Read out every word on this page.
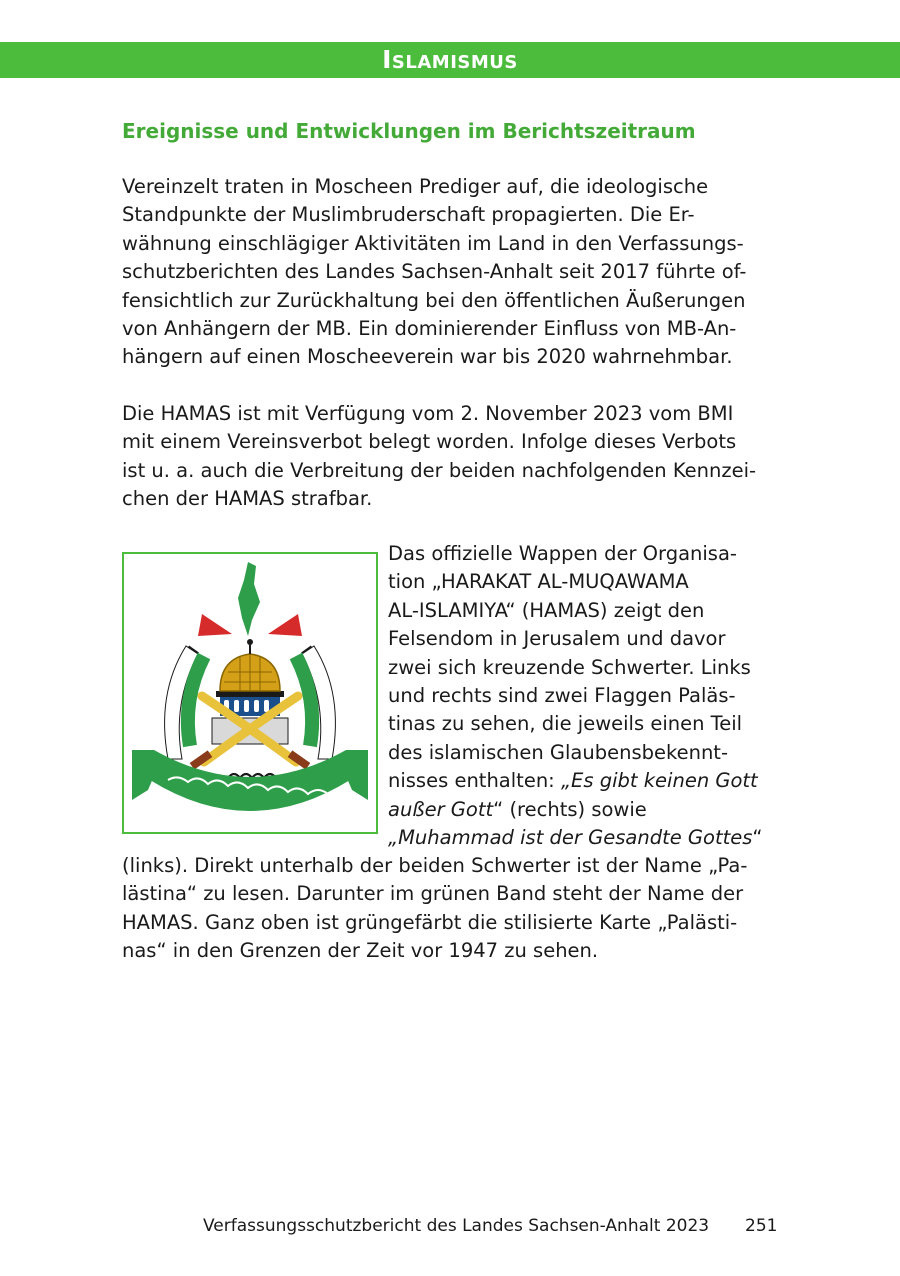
Islamismus
Ereignisse und Entwicklungen im Berichtszeitraum

Vereinzelt traten in Moscheen Prediger auf, die ideologische
Standpunkte der Muslimbruderschaft propagierten. Die Er-
wähnung einschlägiger Aktivitäten im Land in den Verfassungs-
schutzberichten des Landes Sachsen-Anhalt seit 2017 führte of-
fensichtlich zur Zurückhaltung bei den öffentlichen Äußerungen
von Anhängern der MB. Ein dominierender Einfluss von MB-An-
hängern auf einen Moscheeverein war bis 2020 wahrnehmbar.

Die HAMAS ist mit Verfügung vom 2. November 2023 vom BMI
mit einem Vereinsverbot belegt worden. Infolge dieses Verbots
ist u. a. auch die Verbreitung der beiden nachfolgenden Kennzei-
chen der HAMAS strafbar.

Das offizielle Wappen der Organisa-
tion „HARAKAT AL-MUQAWAMA
AL-ISLAMIYA“ (HAMAS) zeigt den
Felsendom in Jerusalem und davor
zwei sich kreuzende Schwerter. Links
und rechts sind zwei Flaggen Paläs-
tinas zu sehen, die jeweils einen Teil
des islamischen Glaubensbekennt-
nisses enthalten: „Es gibt keinen Gott
außer Gott“ (rechts) sowie
„Muhammad ist der Gesandte Gottes“

(links). Direkt unterhalb der beiden Schwerter ist der Name „Pa-
lästina“ zu lesen. Darunter im grünen Band steht der Name der
HAMAS. Ganz oben ist grüngefärbt die stilisierte Karte „Palästi-
nas“ in den Grenzen der Zeit vor 1947 zu sehen.

Verfassungsschutzbericht des Landes Sachsen-Anhalt 2023 251
